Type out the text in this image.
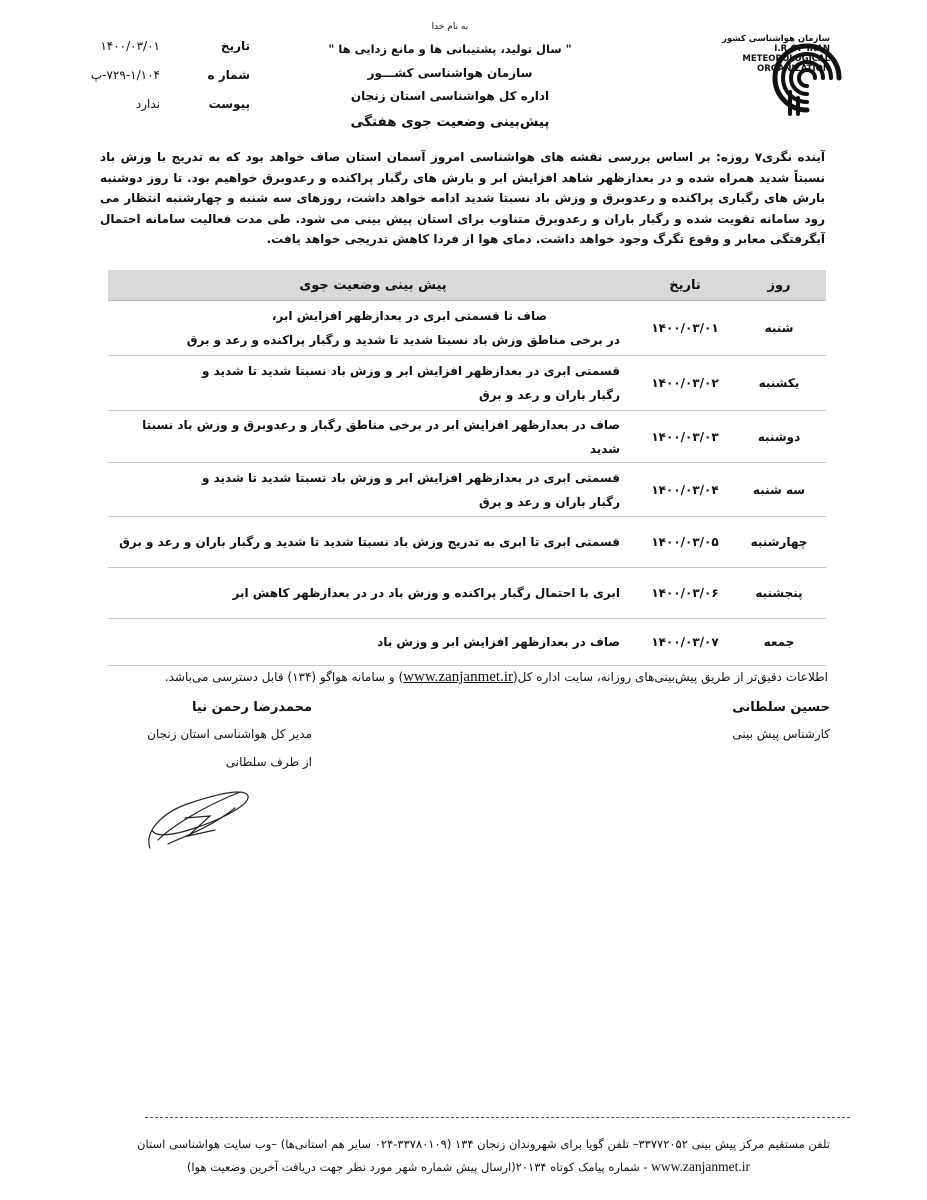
سازمان هواشناسی کشور
I.R.OF IRAN
METEOROLOGICAL
ORGANIZATION
به نام خدا
" سال تولید، پشتیبانی ها و مانع زدایی ها "
سازمان هواشناسی کشـــور
اداره کل هواشناسی استان زنجان
پیش‌بینی وضعیت جوی هفتگی
تاریخ
۱۴۰۰/۰۳/۰۱
شمار ه
۷۲۹-۱/۱۰۴-پ
پیوست
ندارد
آینده نگری۷ روزه: بر اساس بررسی نقشه های هواشناسی امروز آسمان استان صاف خواهد بود که به تدریج با وزش باد نسبتاً شدید همراه شده و در بعدازظهر شاهد افزایش ابر و بارش های رگبار پراکنده و رعدوبرق خواهیم بود. تا روز دوشنبه بارش های رگباری پراکنده و رعدوبرق و وزش باد نسبتا شدید ادامه خواهد داشت، روزهای سه شنبه و چهارشنبه انتظار می رود سامانه تقویت شده و رگبار باران و رعدوبرق متناوب برای استان پیش بینی می شود. طی مدت فعالیت سامانه احتمال آبگرفتگی معابر و وقوع تگرگ وجود خواهد داشت. دمای هوا از فردا کاهش تدریجی خواهد یافت.
روز	تاریخ	پیش بینی وضعیت جوی
شنبه	۱۴۰۰/۰۳/۰۱	صاف تا قسمتی ابری در بعدازظهر افزایش ابر،
در برخی مناطق وزش باد نسبتا شدید تا شدید و رگبار پراکنده و رعد و برق

یکشنبه	۱۴۰۰/۰۳/۰۲	قسمتی ابری در بعدازظهر افزایش ابر و وزش باد نسبتا شدید تا شدید و
رگبار باران و رعد و برق

دوشنبه	۱۴۰۰/۰۳/۰۳	صاف در بعدازظهر افزایش ابر در برخی مناطق رگبار و رعدوبرق و وزش باد نسبتا شدید

سه شنبه	۱۴۰۰/۰۳/۰۴	قسمتی ابری در بعدازظهر افزایش ابر و وزش باد نسبتا شدید تا شدید و
رگبار باران و رعد و برق

چهارشنبه	۱۴۰۰/۰۳/۰۵	قسمتی ابری تا ابری به تدریج وزش باد نسبتا شدید تا شدید و رگبار باران و رعد و برق

پنجشنبه	۱۴۰۰/۰۳/۰۶	ابری با احتمال رگبار پراکنده و وزش باد در در بعدازظهر کاهش ابر

جمعه	۱۴۰۰/۰۳/۰۷	صاف در بعدازظهر افزایش ابر و وزش باد
اطلاعات دقیق‌تر از طریق پیش‌بینی‌های روزانه، سایت اداره کل(www.zanjanmet.ir) و سامانه هواگو (۱۳۴) قابل دسترسی می‌باشد.
حسین سلطانی
کارشناس پیش بینی
محمدرضا رحمن نیا
مدیر کل هواشناسی استان زنجان
از طرف سلطانی
تلفن مستقیم مرکز پیش بینی ۳۳۷۷۲۰۵۲– تلفن گویا برای شهروندان زنجان ۱۳۴ (۳۳۷۸۰۱۰۹-۰۲۴ سایر هم استانی‌ها) –وب سایت هواشناسی استان
www.zanjanmet.ir - شماره پیامک کوتاه ۲۰۱۳۴(ارسال پیش شماره شهر مورد نظر جهت دریافت آخرین وضعیت هوا)
